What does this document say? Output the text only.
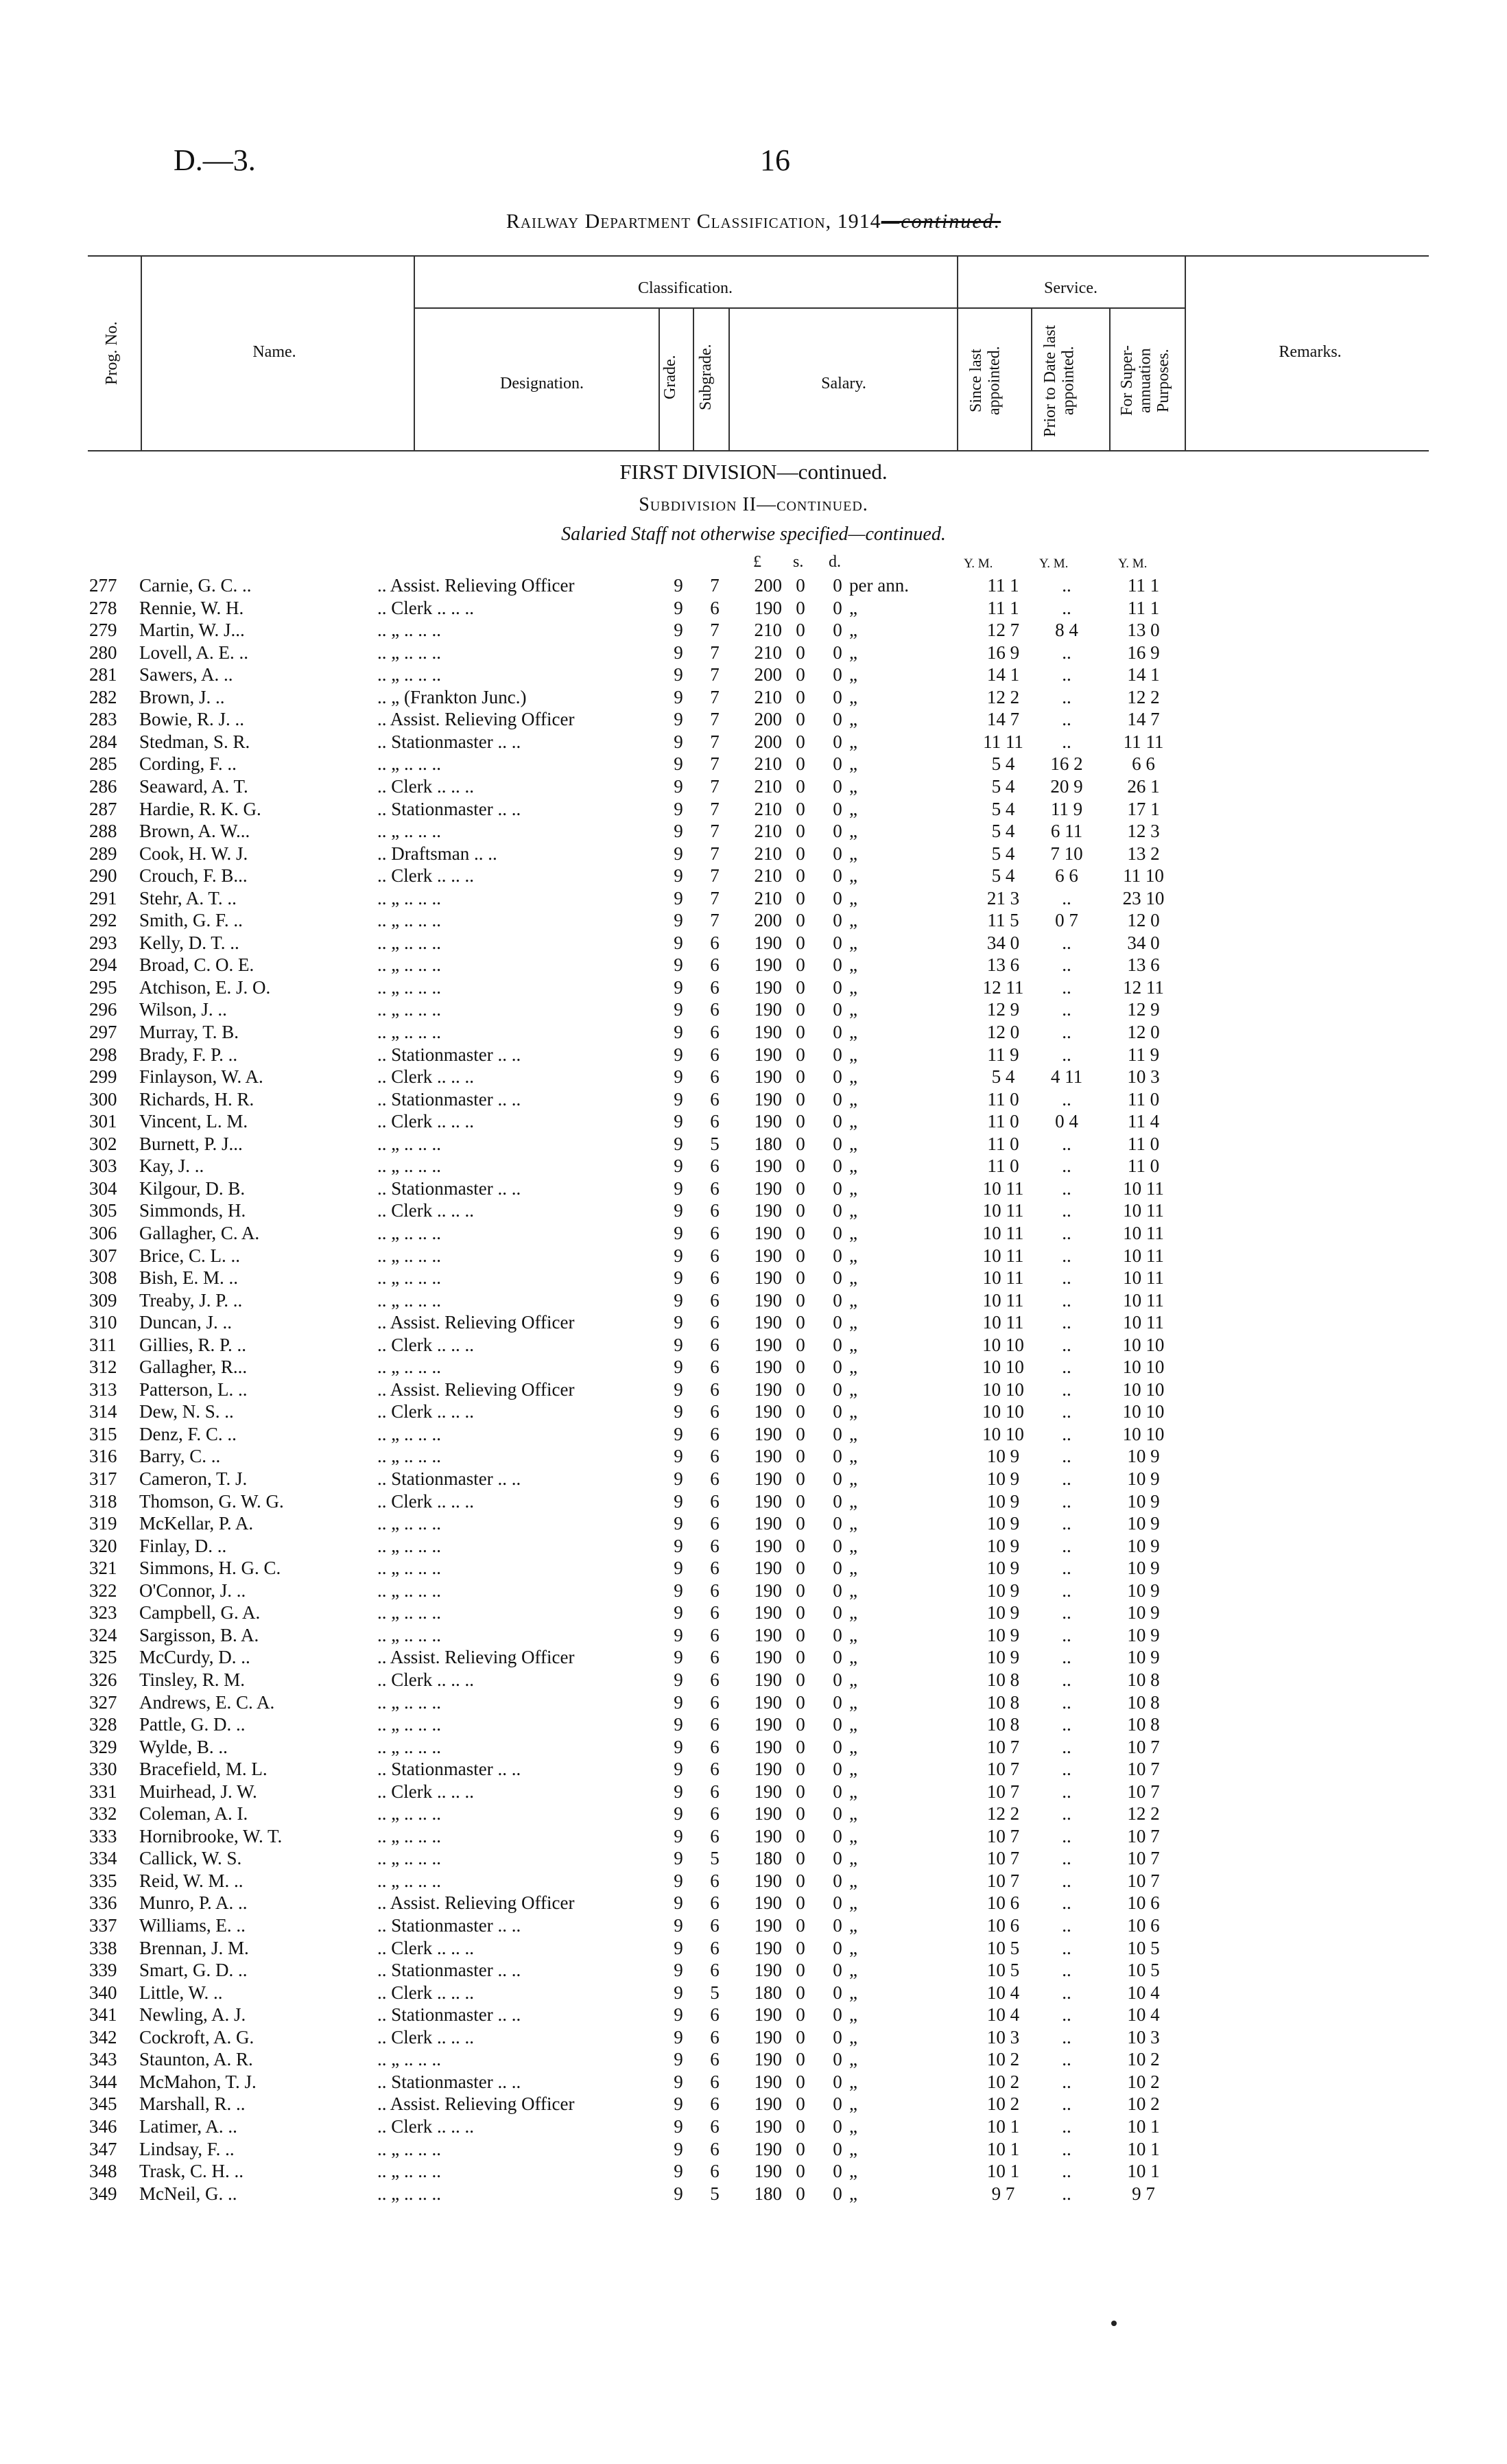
D.—3.	16
Railway Department Classification, 1914—continued.
Prog. No.	Name.
Classification.
Designation.	Grade.	Subgrade.	Salary.
Service.
Since last appointed.	Prior to Date last appointed.	For Super-annuation Purposes.	Remarks.
FIRST DIVISION—continued.
Subdivision II—continued.
Salaried Staff not otherwise specified—continued.
£ s. d.	Y. M.	Y. M.	Y. M.
277	Carnie, G. C. ..	.. Assist. Relieving Officer	9	7	200 0 0 per ann.	11 1	..	11 1
278	Rennie, W. H.	.. Clerk .. .. ..	9	6	190 0 0 „	11 1	..	11 1
279	Martin, W. J...	.. „ .. .. ..	9	7	210 0 0 „	12 7	8 4	13 0
280	Lovell, A. E. ..	.. „ .. .. ..	9	7	210 0 0 „	16 9	..	16 9
281	Sawers, A. ..	.. „ .. .. ..	9	7	200 0 0 „	14 1	..	14 1
282	Brown, J. ..	.. „ (Frankton Junc.)	9	7	210 0 0 „	12 2	..	12 2
283	Bowie, R. J. ..	.. Assist. Relieving Officer	9	7	200 0 0 „	14 7	..	14 7
284	Stedman, S. R.	.. Stationmaster .. ..	9	7	200 0 0 „	11 11	..	11 11
285	Cording, F. ..	.. „ .. .. ..	9	7	210 0 0 „	5 4	16 2	6 6
286	Seaward, A. T.	.. Clerk .. .. ..	9	7	210 0 0 „	5 4	20 9	26 1
287	Hardie, R. K. G.	.. Stationmaster .. ..	9	7	210 0 0 „	5 4	11 9	17 1
288	Brown, A. W...	.. „ .. .. ..	9	7	210 0 0 „	5 4	6 11	12 3
289	Cook, H. W. J.	.. Draftsman .. ..	9	7	210 0 0 „	5 4	7 10	13 2
290	Crouch, F. B...	.. Clerk .. .. ..	9	7	210 0 0 „	5 4	6 6	11 10
291	Stehr, A. T. ..	.. „ .. .. ..	9	7	210 0 0 „	21 3	..	23 10
292	Smith, G. F. ..	.. „ .. .. ..	9	7	200 0 0 „	11 5	0 7	12 0
293	Kelly, D. T. ..	.. „ .. .. ..	9	6	190 0 0 „	34 0	..	34 0
294	Broad, C. O. E.	.. „ .. .. ..	9	6	190 0 0 „	13 6	..	13 6
295	Atchison, E. J. O.	.. „ .. .. ..	9	6	190 0 0 „	12 11	..	12 11
296	Wilson, J. ..	.. „ .. .. ..	9	6	190 0 0 „	12 9	..	12 9
297	Murray, T. B.	.. „ .. .. ..	9	6	190 0 0 „	12 0	..	12 0
298	Brady, F. P. ..	.. Stationmaster .. ..	9	6	190 0 0 „	11 9	..	11 9
299	Finlayson, W. A.	.. Clerk .. .. ..	9	6	190 0 0 „	5 4	4 11	10 3
300	Richards, H. R.	.. Stationmaster .. ..	9	6	190 0 0 „	11 0	..	11 0
301	Vincent, L. M.	.. Clerk .. .. ..	9	6	190 0 0 „	11 0	0 4	11 4
302	Burnett, P. J...	.. „ .. .. ..	9	5	180 0 0 „	11 0	..	11 0
303	Kay, J. ..	.. „ .. .. ..	9	6	190 0 0 „	11 0	..	11 0
304	Kilgour, D. B.	.. Stationmaster .. ..	9	6	190 0 0 „	10 11	..	10 11
305	Simmonds, H.	.. Clerk .. .. ..	9	6	190 0 0 „	10 11	..	10 11
306	Gallagher, C. A.	.. „ .. .. ..	9	6	190 0 0 „	10 11	..	10 11
307	Brice, C. L. ..	.. „ .. .. ..	9	6	190 0 0 „	10 11	..	10 11
308	Bish, E. M. ..	.. „ .. .. ..	9	6	190 0 0 „	10 11	..	10 11
309	Treaby, J. P. ..	.. „ .. .. ..	9	6	190 0 0 „	10 11	..	10 11
310	Duncan, J. ..	.. Assist. Relieving Officer	9	6	190 0 0 „	10 11	..	10 11
311	Gillies, R. P. ..	.. Clerk .. .. ..	9	6	190 0 0 „	10 10	..	10 10
312	Gallagher, R...	.. „ .. .. ..	9	6	190 0 0 „	10 10	..	10 10
313	Patterson, L. ..	.. Assist. Relieving Officer	9	6	190 0 0 „	10 10	..	10 10
314	Dew, N. S. ..	.. Clerk .. .. ..	9	6	190 0 0 „	10 10	..	10 10
315	Denz, F. C. ..	.. „ .. .. ..	9	6	190 0 0 „	10 10	..	10 10
316	Barry, C. ..	.. „ .. .. ..	9	6	190 0 0 „	10 9	..	10 9
317	Cameron, T. J.	.. Stationmaster .. ..	9	6	190 0 0 „	10 9	..	10 9
318	Thomson, G. W. G.	.. Clerk .. .. ..	9	6	190 0 0 „	10 9	..	10 9
319	McKellar, P. A.	.. „ .. .. ..	9	6	190 0 0 „	10 9	..	10 9
320	Finlay, D. ..	.. „ .. .. ..	9	6	190 0 0 „	10 9	..	10 9
321	Simmons, H. G. C.	.. „ .. .. ..	9	6	190 0 0 „	10 9	..	10 9
322	O'Connor, J. ..	.. „ .. .. ..	9	6	190 0 0 „	10 9	..	10 9
323	Campbell, G. A.	.. „ .. .. ..	9	6	190 0 0 „	10 9	..	10 9
324	Sargisson, B. A.	.. „ .. .. ..	9	6	190 0 0 „	10 9	..	10 9
325	McCurdy, D. ..	.. Assist. Relieving Officer	9	6	190 0 0 „	10 9	..	10 9
326	Tinsley, R. M.	.. Clerk .. .. ..	9	6	190 0 0 „	10 8	..	10 8
327	Andrews, E. C. A.	.. „ .. .. ..	9	6	190 0 0 „	10 8	..	10 8
328	Pattle, G. D. ..	.. „ .. .. ..	9	6	190 0 0 „	10 8	..	10 8
329	Wylde, B. ..	.. „ .. .. ..	9	6	190 0 0 „	10 7	..	10 7
330	Bracefield, M. L.	.. Stationmaster .. ..	9	6	190 0 0 „	10 7	..	10 7
331	Muirhead, J. W.	.. Clerk .. .. ..	9	6	190 0 0 „	10 7	..	10 7
332	Coleman, A. I.	.. „ .. .. ..	9	6	190 0 0 „	12 2	..	12 2
333	Hornibrooke, W. T.	.. „ .. .. ..	9	6	190 0 0 „	10 7	..	10 7
334	Callick, W. S.	.. „ .. .. ..	9	5	180 0 0 „	10 7	..	10 7
335	Reid, W. M. ..	.. „ .. .. ..	9	6	190 0 0 „	10 7	..	10 7
336	Munro, P. A. ..	.. Assist. Relieving Officer	9	6	190 0 0 „	10 6	..	10 6
337	Williams, E. ..	.. Stationmaster .. ..	9	6	190 0 0 „	10 6	..	10 6
338	Brennan, J. M.	.. Clerk .. .. ..	9	6	190 0 0 „	10 5	..	10 5
339	Smart, G. D. ..	.. Stationmaster .. ..	9	6	190 0 0 „	10 5	..	10 5
340	Little, W. ..	.. Clerk .. .. ..	9	5	180 0 0 „	10 4	..	10 4
341	Newling, A. J.	.. Stationmaster .. ..	9	6	190 0 0 „	10 4	..	10 4
342	Cockroft, A. G.	.. Clerk .. .. ..	9	6	190 0 0 „	10 3	..	10 3
343	Staunton, A. R.	.. „ .. .. ..	9	6	190 0 0 „	10 2	..	10 2
344	McMahon, T. J.	.. Stationmaster .. ..	9	6	190 0 0 „	10 2	..	10 2
345	Marshall, R. ..	.. Assist. Relieving Officer	9	6	190 0 0 „	10 2	..	10 2
346	Latimer, A. ..	.. Clerk .. .. ..	9	6	190 0 0 „	10 1	..	10 1
347	Lindsay, F. ..	.. „ .. .. ..	9	6	190 0 0 „	10 1	..	10 1
348	Trask, C. H. ..	.. „ .. .. ..	9	6	190 0 0 „	10 1	..	10 1
349	McNeil, G. ..	.. „ .. .. ..	9	5	180 0 0 „	9 7	..	9 7
